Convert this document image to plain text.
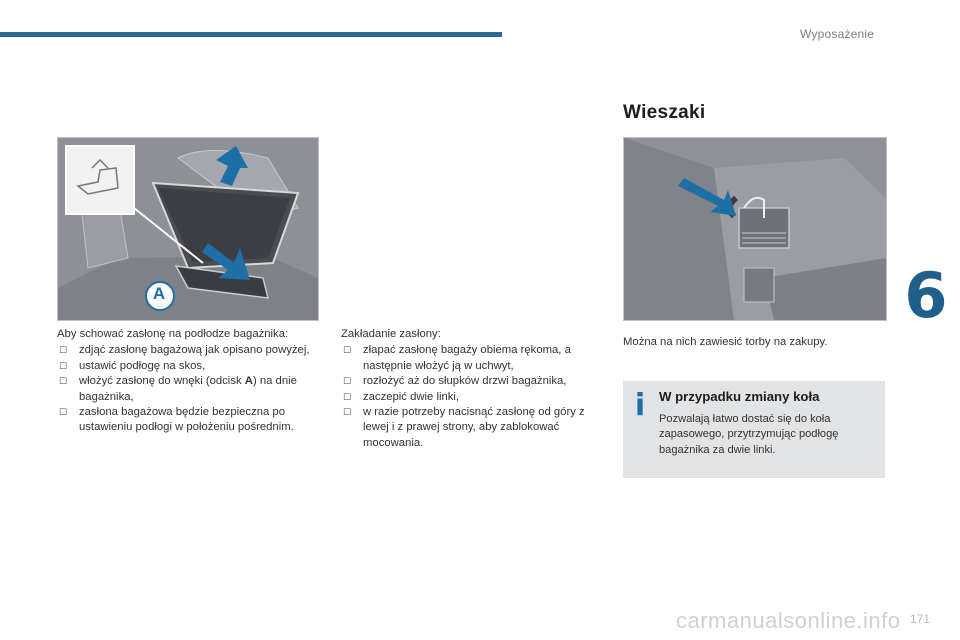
Wyposażenie
6
A

Aby schować zasłonę na podłodze bagażnika:

☐ zdjąć zasłonę bagażową jak opisano powyżej,
☐ ustawić podłogę na skos,
☐ włożyć zasłonę do wnęki (odcisk A) na dnie bagażnika,
☐ zasłona bagażowa będzie bezpieczna po ustawieniu podłogi w położeniu pośrednim.

Zakładanie zasłony:

☐ złapać zasłonę bagaży obiema rękoma, a następnie włożyć ją w uchwyt,
☐ rozłożyć aż do słupków drzwi bagażnika,
☐ zaczepić dwie linki,
☐ w razie potrzeby nacisnąć zasłonę od góry z lewej i z prawej strony, aby zablokować mocowania.
Wieszaki
Można na nich zawiesić torby na zakupy.
i W przypadku zmiany koła
Pozwalają łatwo dostać się do koła zapasowego, przytrzymując podłogę bagażnika za dwie linki.
carmanualsonline.info 171
